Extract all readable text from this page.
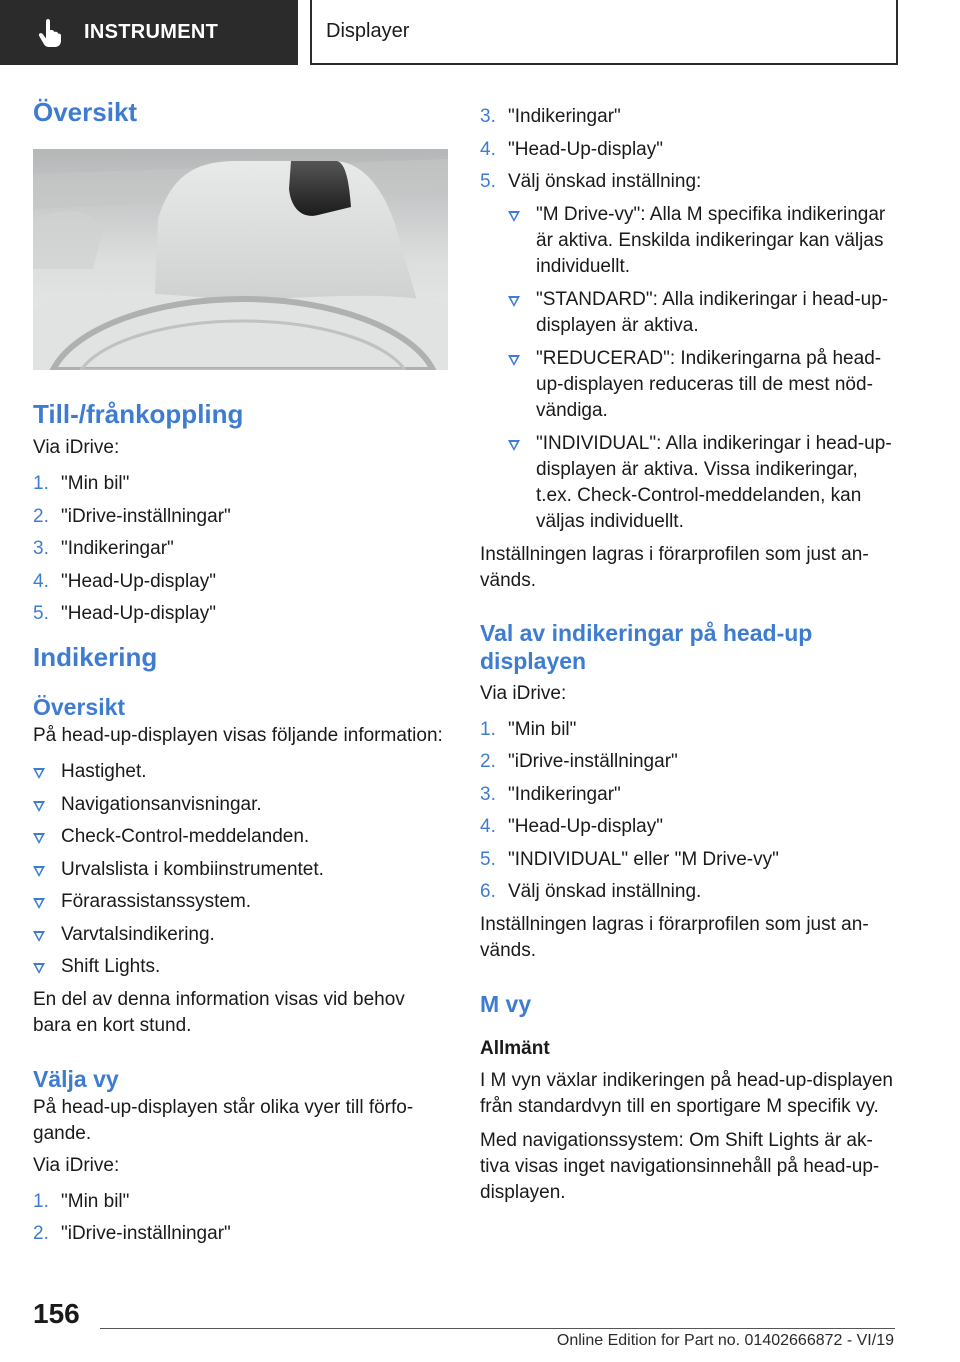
INSTRUMENT	Displayer
Översikt
Till-/frånkoppling

Via iDrive:

1. "Min bil"
2. "iDrive-inställningar"
3. "Indikeringar"
4. "Head-Up-display"
5. "Head-Up-display"
Indikering
Översikt

På head-up-displayen visas följande information:

Hastighet.
Navigationsanvisningar.
Check-Control-meddelanden.
Urvalslista i kombiinstrumentet.
Förarassistanssystem.
Varvtalsindikering.
Shift Lights.

En del av denna information visas vid behov bara en kort stund.

Välja vy

På head-up-displayen står olika vyer till förfogande.

Via iDrive:

1. "Min bil"
2. "iDrive-inställningar"
3. "Indikeringar"
4. "Head-Up-display"
5. Välj önskad inställning:
"M Drive-vy": Alla M specifika indikeringar är aktiva. Enskilda indikeringar kan väljas individuellt.
"STANDARD": Alla indikeringar i head-up-displayen är aktiva.
"REDUCERAD": Indikeringarna på head-up-displayen reduceras till de mest nödvändiga.
"INDIVIDUAL": Alla indikeringar i head-up-displayen är aktiva. Vissa indikeringar, t.ex. Check-Control-meddelanden, kan väljas individuellt.

Inställningen lagras i förarprofilen som just används.

Val av indikeringar på head-up displayen

Via iDrive:

1. "Min bil"
2. "iDrive-inställningar"
3. "Indikeringar"
4. "Head-Up-display"
5. "INDIVIDUAL" eller "M Drive-vy"
6. Välj önskad inställning.

Inställningen lagras i förarprofilen som just används.

M vy
Allmänt

I M vyn växlar indikeringen på head-up-displayen från standardvyn till en sportigare M specifik vy.

Med navigationssystem: Om Shift Lights är aktiva visas inget navigationsinnehåll på head-up-displayen.

156
Online Edition for Part no. 01402666872 - VI/19
